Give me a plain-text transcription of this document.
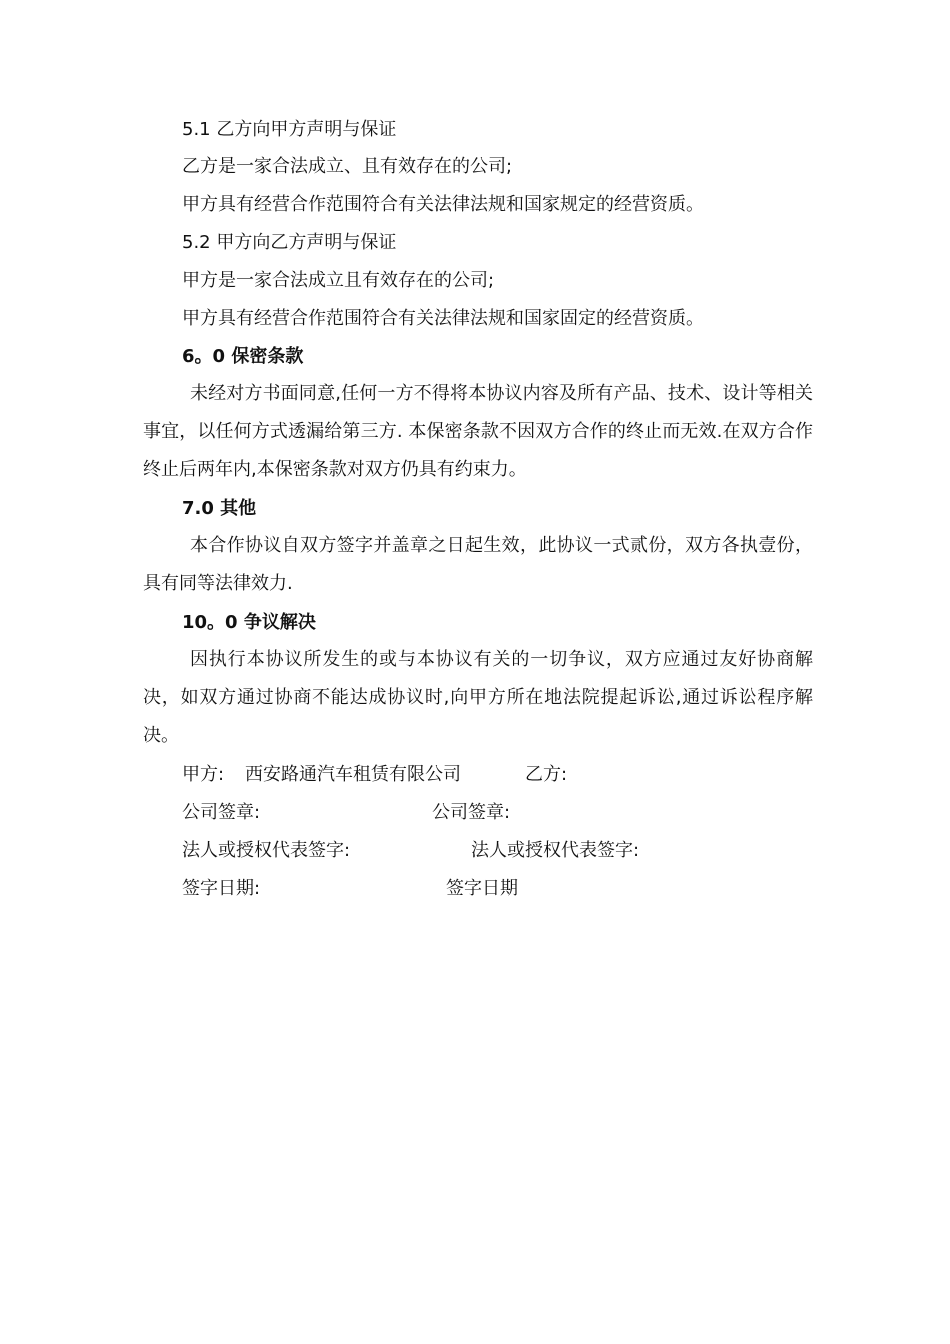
5.1 乙方向甲方声明与保证
乙方是一家合法成立、且有效存在的公司;
甲方具有经营合作范围符合有关法律法规和国家规定的经营资质。
5.2 甲方向乙方声明与保证
甲方是一家合法成立且有效存在的公司;
甲方具有经营合作范围符合有关法律法规和国家固定的经营资质。
6。0 保密条款
未经对方书面同意,任何一方不得将本协议内容及所有产品、技术、设计等相关事宜，以任何方式透漏给第三方. 本保密条款不因双方合作的终止而无效.在双方合作终止后两年内,本保密条款对双方仍具有约束力。
7.0 其他
本合作协议自双方签字并盖章之日起生效，此协议一式贰份，双方各执壹份，具有同等法律效力.
10。0 争议解决
因执行本协议所发生的或与本协议有关的一切争议，双方应通过友好协商解决，如双方通过协商不能达成协议时,向甲方所在地法院提起诉讼,通过诉讼程序解决。
甲方: 西安路通汽车租赁有限公司	乙方:
公司签章:	公司签章:
法人或授权代表签字:	法人或授权代表签字:
签字日期:	签字日期
